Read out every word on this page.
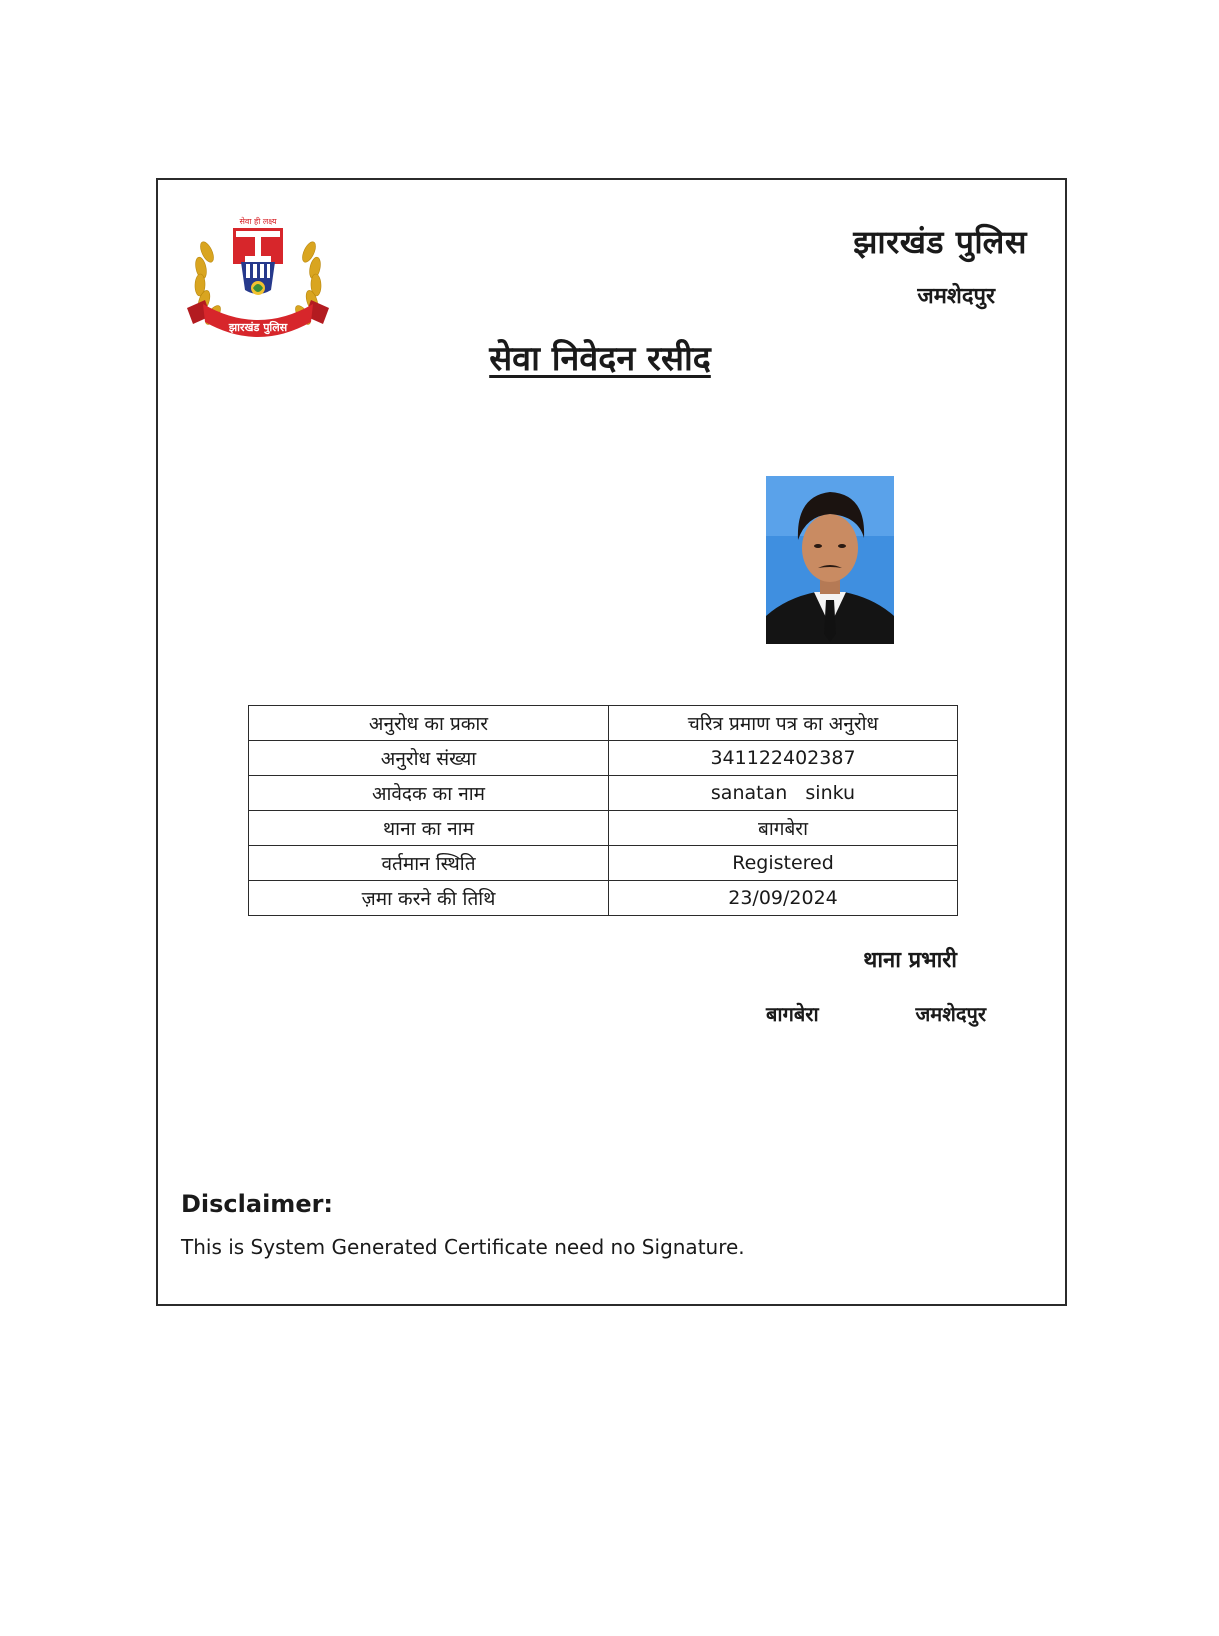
सेवा ही लक्ष्य
झारखंड पुलिस
झारखंड पुलिस
जमशेदपुर
सेवा निवेदन रसीद
अनुरोध का प्रकार	चरित्र प्रमाण पत्र का अनुरोध
अनुरोध संख्या	341122402387
आवेदक का नाम	sanatan   sinku
थाना का नाम	बागबेरा
वर्तमान स्थिति	Registered
ज़मा करने की तिथि	23/09/2024
थाना प्रभारी
बागबेरा	जमशेदपुर
Disclaimer:
This is System Generated Certificate need no Signature.
